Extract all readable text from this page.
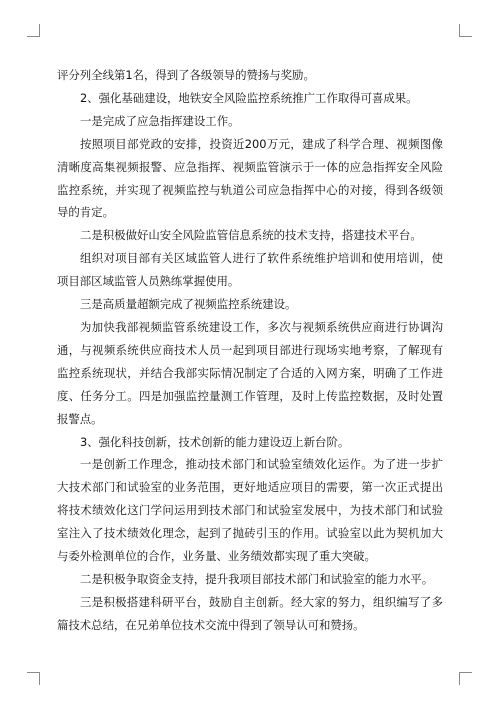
评分列全线第1名，得到了各级领导的赞扬与奖励。

2、强化基础建设，地铁安全风险监控系统推广工作取得可喜成果。

一是完成了应急指挥建设工作。

按照项目部党政的安排，投资近200万元，建成了科学合理、视频图像清晰度高集视频报警、应急指挥、视频监管演示于一体的应急指挥安全风险监控系统，并实现了视频监控与轨道公司应急指挥中心的对接，得到各级领导的肯定。

二是积极做好山安全风险监管信息系统的技术支持，搭建技术平台。

组织对项目部有关区域监管人进行了软件系统维护培训和使用培训，使项目部区域监管人员熟练掌握使用。

三是高质量超额完成了视频监控系统建设。

为加快我部视频监管系统建设工作，多次与视频系统供应商进行协调沟通，与视频系统供应商技术人员一起到项目部进行现场实地考察，了解现有监控系统现状，并结合我部实际情况制定了合适的入网方案，明确了工作进度、任务分工。四是加强监控量测工作管理，及时上传监控数据，及时处置报警点。

3、强化科技创新，技术创新的能力建设迈上新台阶。

一是创新工作理念，推动技术部门和试验室绩效化运作。为了进一步扩大技术部门和试验室的业务范围，更好地适应项目的需要，第一次正式提出将技术绩效化这门学问运用到技术部门和试验室发展中，为技术部门和试验室注入了技术绩效化理念，起到了抛砖引玉的作用。试验室以此为契机加大与委外检测单位的合作，业务量、业务绩效都实现了重大突破。

二是积极争取资金支持，提升我项目部技术部门和试验室的能力水平。

三是积极搭建科研平台，鼓励自主创新。经大家的努力，组织编写了多篇技术总结，在兄弟单位技术交流中得到了领导认可和赞扬。
